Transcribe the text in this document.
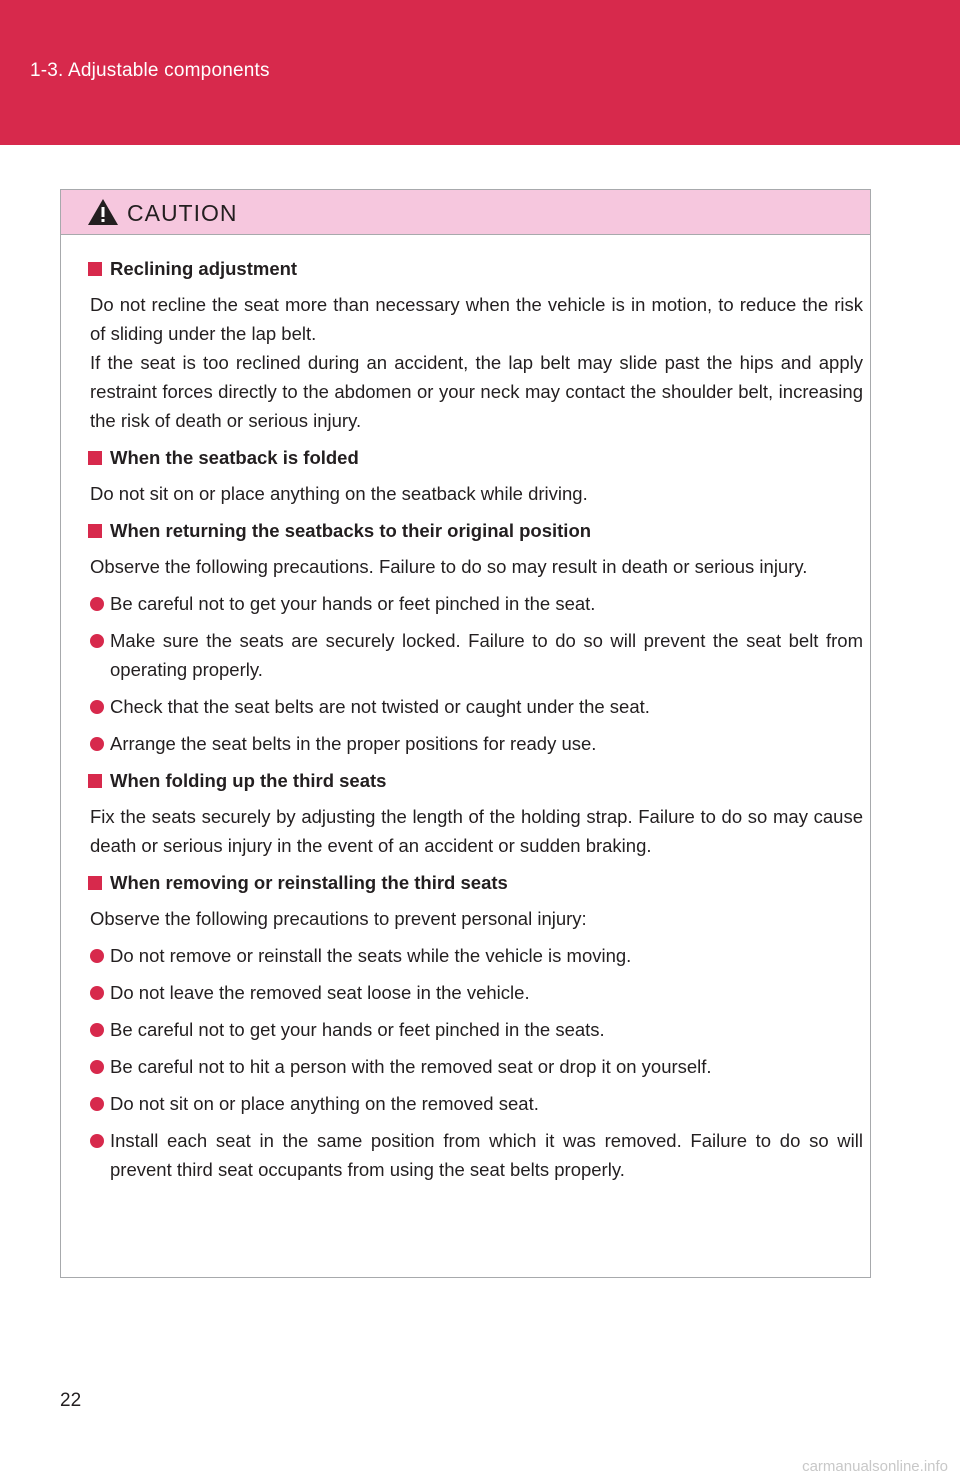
1-3. Adjustable components
CAUTION
Reclining adjustment
Do not recline the seat more than necessary when the vehicle is in motion, to reduce the risk of sliding under the lap belt.
If the seat is too reclined during an accident, the lap belt may slide past the hips and apply restraint forces directly to the abdomen or your neck may contact the shoulder belt, increasing the risk of death or serious injury.
When the seatback is folded
Do not sit on or place anything on the seatback while driving.
When returning the seatbacks to their original position
Observe the following precautions. Failure to do so may result in death or serious injury.
Be careful not to get your hands or feet pinched in the seat.
Make sure the seats are securely locked. Failure to do so will prevent the seat belt from operating properly.
Check that the seat belts are not twisted or caught under the seat.
Arrange the seat belts in the proper positions for ready use.
When folding up the third seats
Fix the seats securely by adjusting the length of the holding strap. Failure to do so may cause death or serious injury in the event of an accident or sudden braking.
When removing or reinstalling the third seats
Observe the following precautions to prevent personal injury:
Do not remove or reinstall the seats while the vehicle is moving.
Do not leave the removed seat loose in the vehicle.
Be careful not to get your hands or feet pinched in the seats.
Be careful not to hit a person with the removed seat or drop it on yourself.
Do not sit on or place anything on the removed seat.
Install each seat in the same position from which it was removed. Failure to do so will prevent third seat occupants from using the seat belts properly.
22
carmanualsonline.info
